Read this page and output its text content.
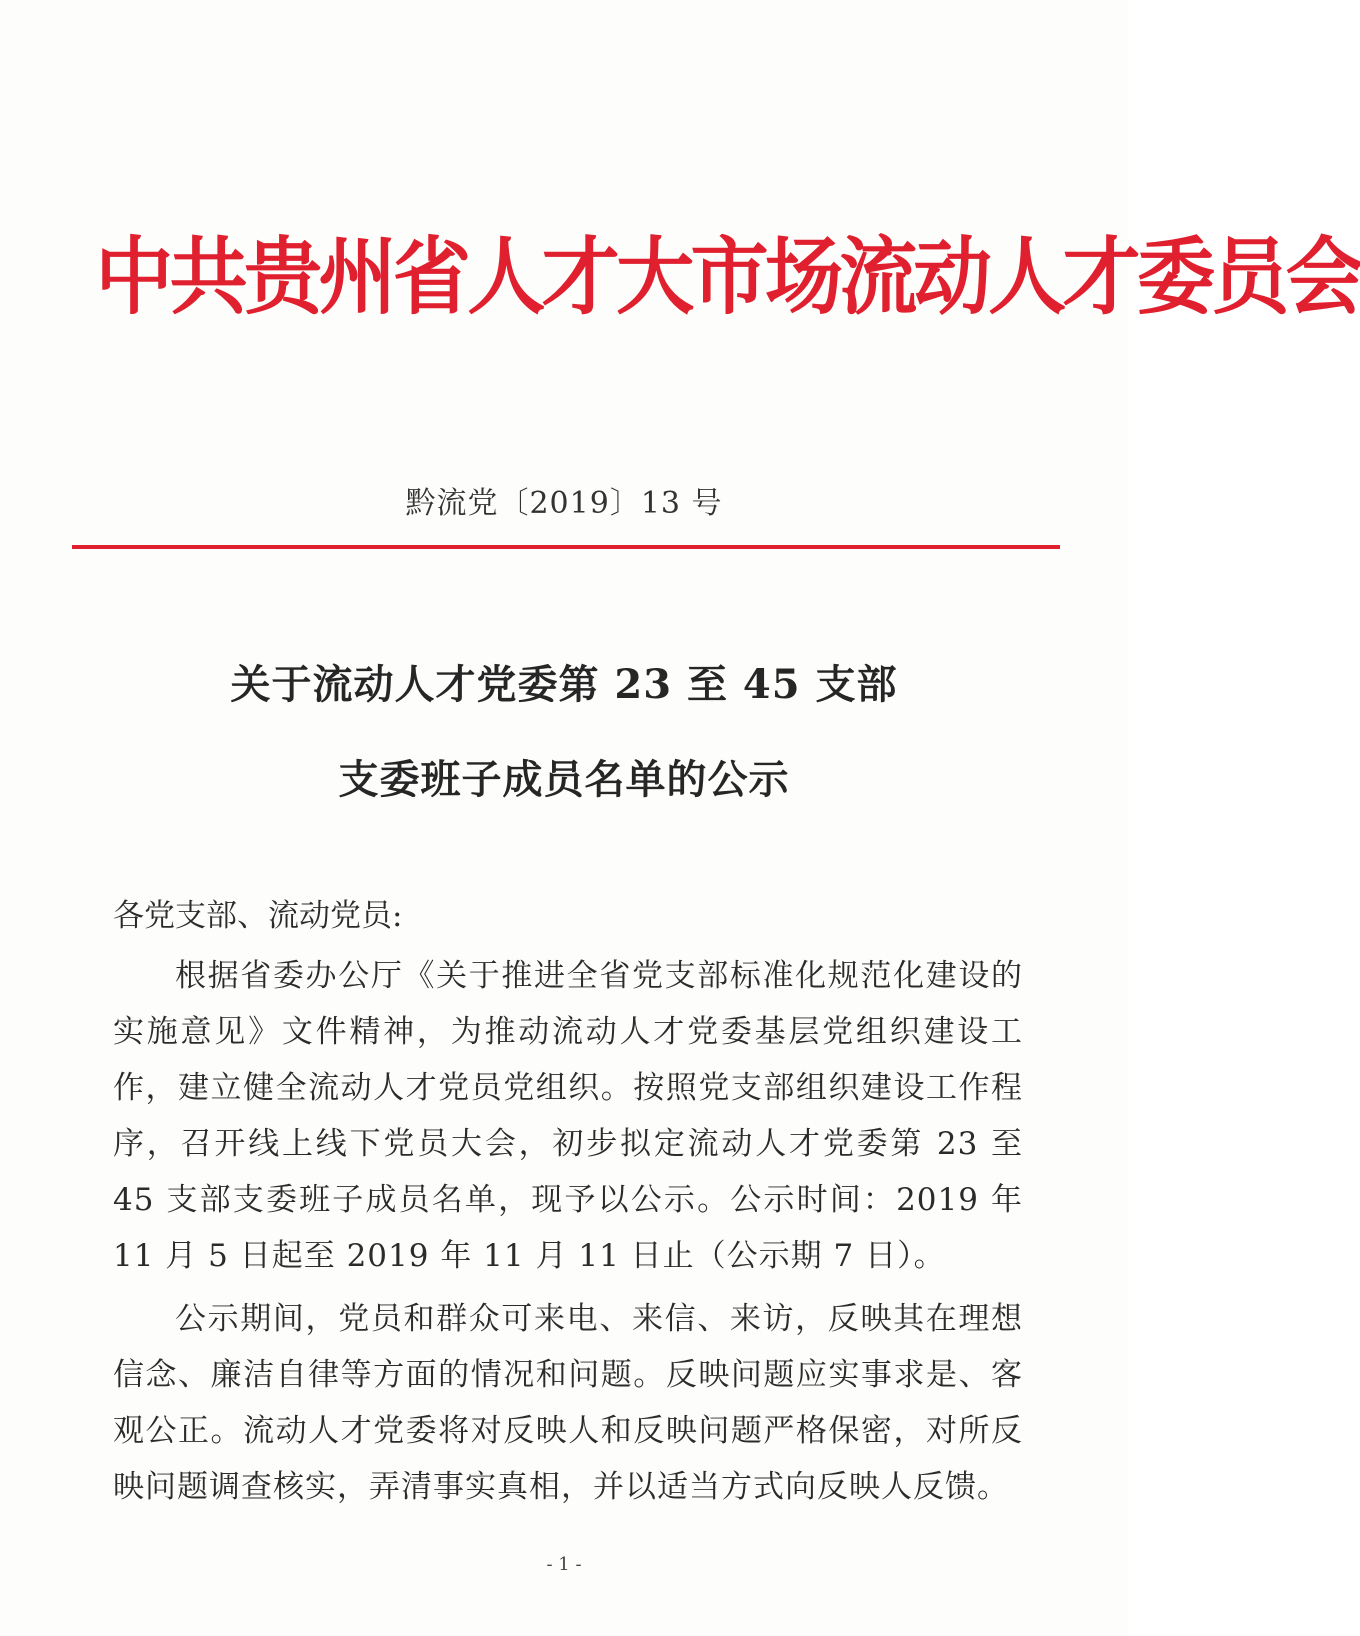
中共贵州省人才大市场流动人才委员会
黔流党〔2019〕13 号
关于流动人才党委第 23 至 45 支部
支委班子成员名单的公示
各党支部、流动党员:

根据省委办公厅《关于推进全省党支部标准化规范化建设的实施意见》文件精神，为推动流动人才党委基层党组织建设工作，建立健全流动人才党员党组织。按照党支部组织建设工作程序，召开线上线下党员大会，初步拟定流动人才党委第 23 至 45 支部支委班子成员名单，现予以公示。公示时间：2019 年 11 月 5 日起至 2019 年 11 月 11 日止（公示期 7 日）。

公示期间，党员和群众可来电、来信、来访，反映其在理想信念、廉洁自律等方面的情况和问题。反映问题应实事求是、客观公正。流动人才党委将对反映人和反映问题严格保密，对所反映问题调查核实，弄清事实真相，并以适当方式向反映人反馈。

- 1 -
